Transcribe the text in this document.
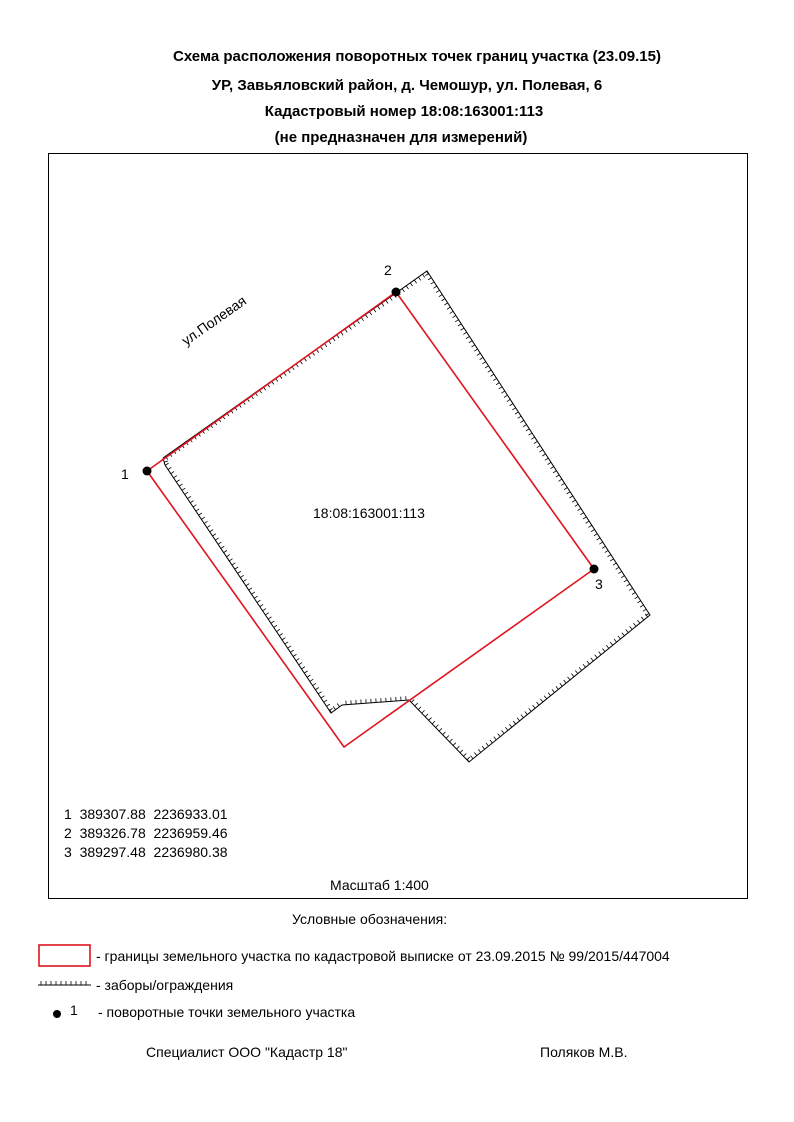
Схема расположения поворотных точек границ участка (23.09.15)
УР, Завьяловский район, д. Чемошур, ул. Полевая, 6
Кадастровый номер 18:08:163001:113
(не предназначен для измерений)
1
2
3
ул.Полевая
18:08:163001:113
1 389307.88 2236933.01
2 389326.78 2236959.46
3 389297.48 2236980.38
Масштаб 1:400
Условные обозначения:
- границы земельного участка по кадастровой выписке от 23.09.2015 № 99/2015/447004
- заборы/ограждения
1 - поворотные точки земельного участка
Специалист ООО "Кадастр 18"	Поляков М.В.
